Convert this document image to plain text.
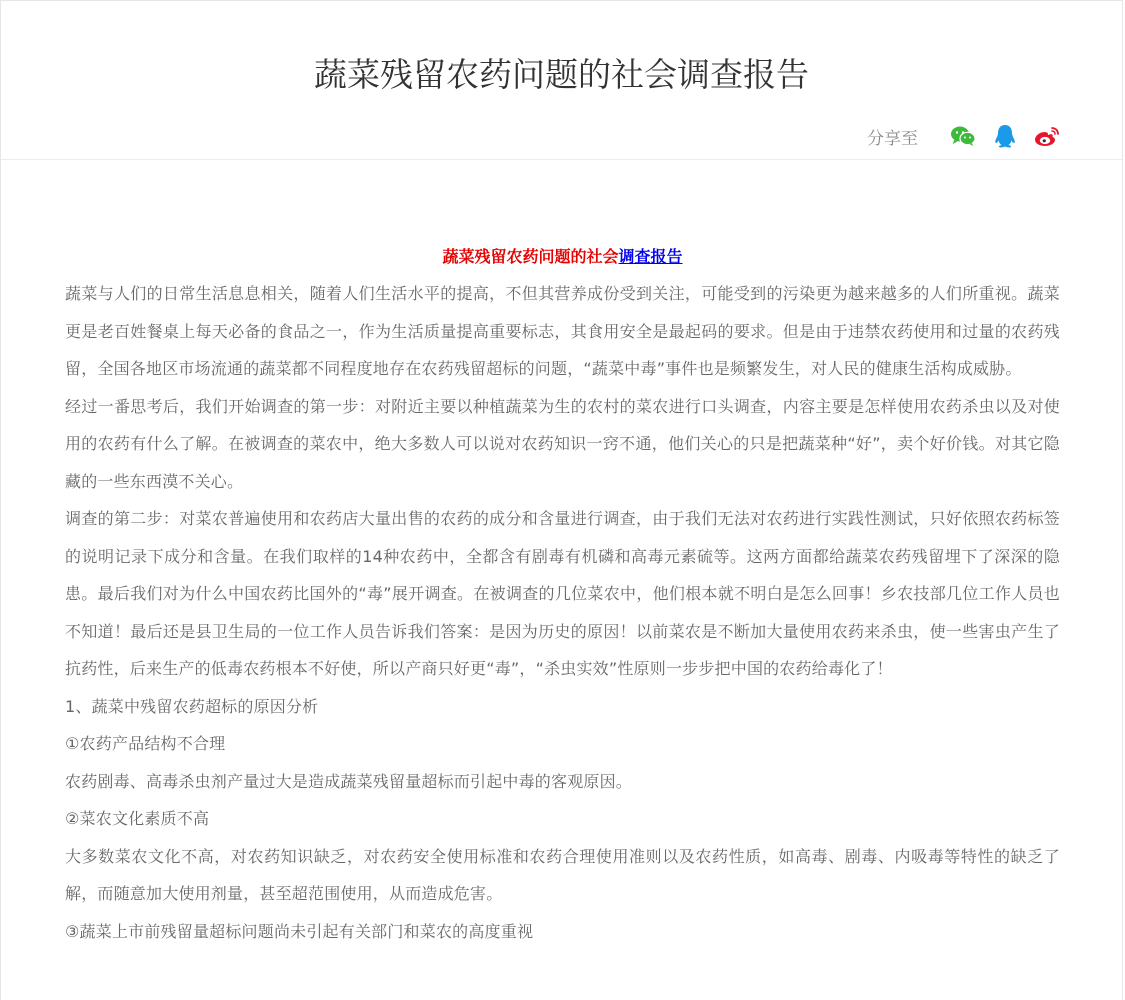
蔬菜残留农药问题的社会调查报告
分享至
蔬菜残留农药问题的社会调查报告

蔬菜与人们的日常生活息息相关，随着人们生活水平的提高，不但其营养成份受到关注，可能受到的污染更为越来越多的人们所重视。蔬菜更是老百姓餐桌上每天必备的食品之一，作为生活质量提高重要标志，其食用安全是最起码的要求。但是由于违禁农药使用和过量的农药残留，全国各地区市场流通的蔬菜都不同程度地存在农药残留超标的问题，“蔬菜中毒”事件也是频繁发生，对人民的健康生活构成威胁。

经过一番思考后，我们开始调查的第一步：对附近主要以种植蔬菜为生的农村的菜农进行口头调查，内容主要是怎样使用农药杀虫以及对使用的农药有什么了解。在被调查的菜农中，绝大多数人可以说对农药知识一窍不通，他们关心的只是把蔬菜种“好”，卖个好价钱。对其它隐藏的一些东西漠不关心。

调查的第二步：对菜农普遍使用和农药店大量出售的农药的成分和含量进行调查，由于我们无法对农药进行实践性测试，只好依照农药标签的说明记录下成分和含量。在我们取样的14种农药中，全都含有剧毒有机磷和高毒元素硫等。这两方面都给蔬菜农药残留埋下了深深的隐患。最后我们对为什么中国农药比国外的“毒”展开调查。在被调查的几位菜农中，他们根本就不明白是怎么回事！乡农技部几位工作人员也不知道！最后还是县卫生局的一位工作人员告诉我们答案：是因为历史的原因！以前菜农是不断加大量使用农药来杀虫，使一些害虫产生了抗药性，后来生产的低毒农药根本不好使，所以产商只好更“毒”，“杀虫实效”性原则一步步把中国的农药给毒化了！

1、蔬菜中残留农药超标的原因分析

①农药产品结构不合理

农药剧毒、高毒杀虫剂产量过大是造成蔬菜残留量超标而引起中毒的客观原因。

②菜农文化素质不高

大多数菜农文化不高，对农药知识缺乏，对农药安全使用标准和农药合理使用准则以及农药性质，如高毒、剧毒、内吸毒等特性的缺乏了解，而随意加大使用剂量，甚至超范围使用，从而造成危害。

③蔬菜上市前残留量超标问题尚未引起有关部门和菜农的高度重视
